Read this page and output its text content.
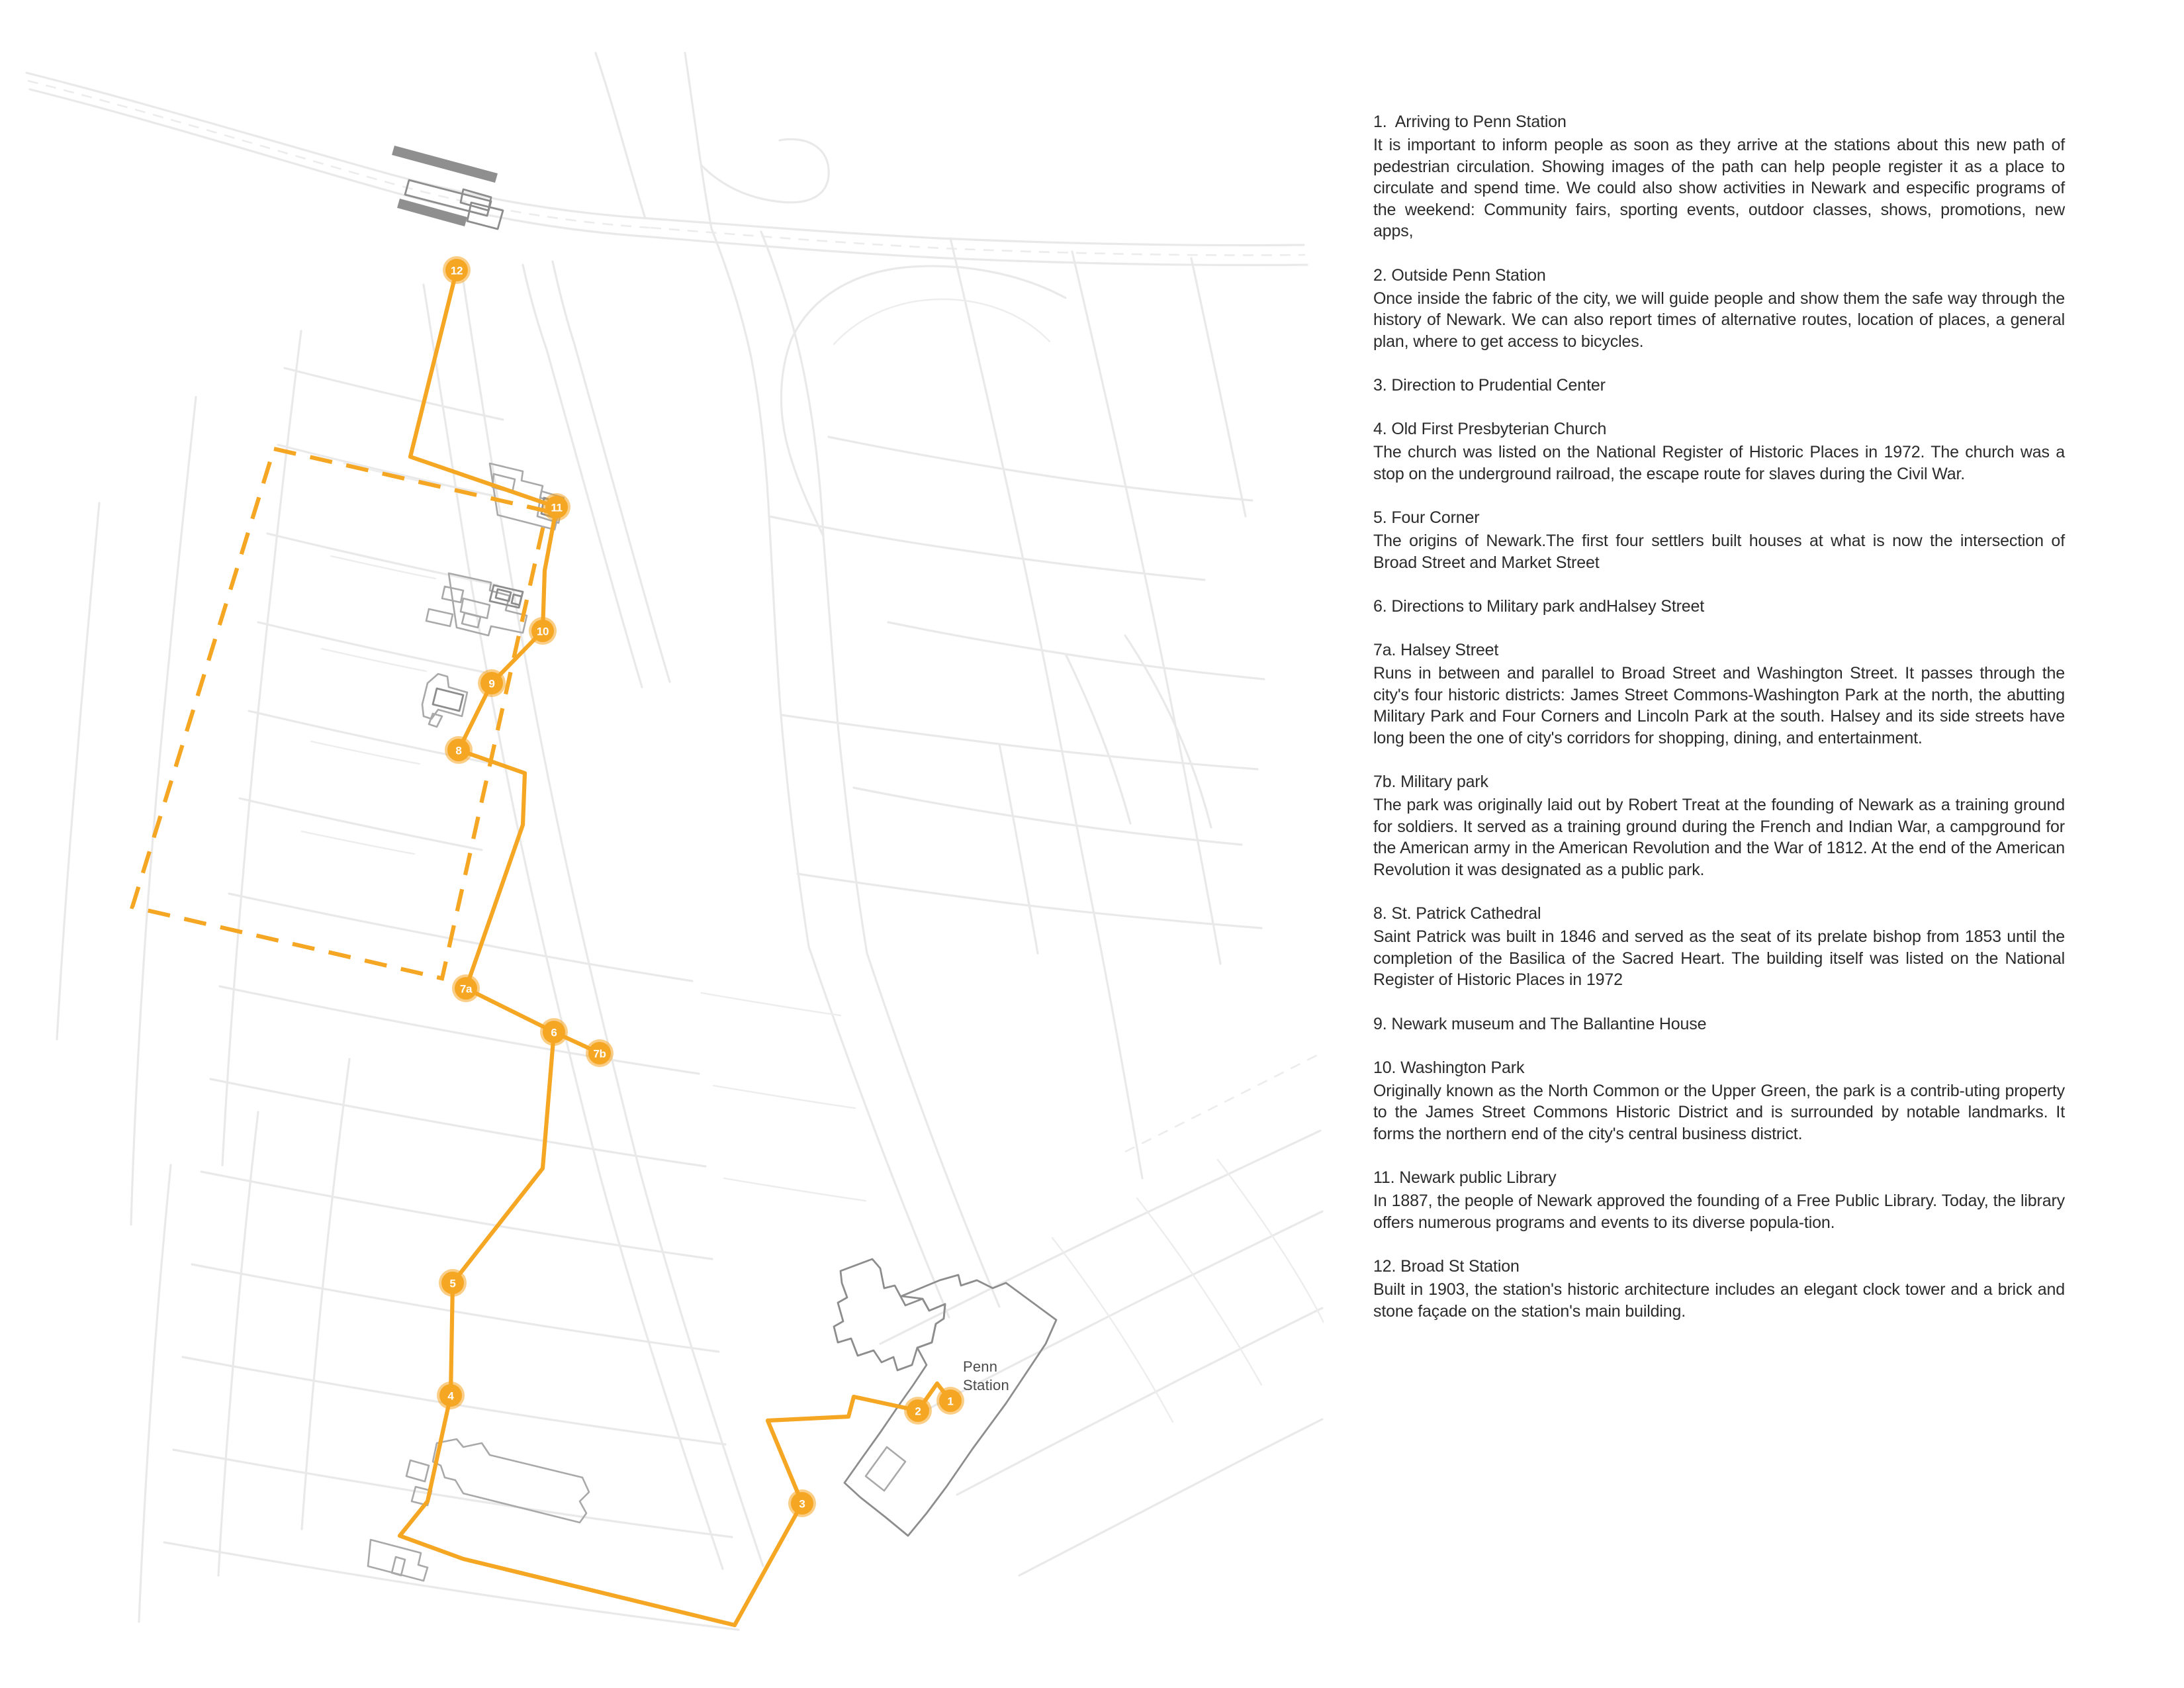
1
2
3
4
5
6
7a
7b
8
9
10
11
12
Penn Station
1.  Arriving to Penn Station
It is important to inform people as soon as they arrive at the stations about this new path of pedestrian circulation. Showing images of the path can help people register it as a place to circulate and spend time. We could also show activities in Newark and especific programs of the weekend: Community fairs, sporting events, outdoor classes, shows, promotions, new apps,
2. Outside Penn Station
Once inside the fabric of the city, we will guide people and show them the safe way through the history of Newark. We can also report times of alternative routes, location of places, a general plan, where to get access to bicycles.
3. Direction to Prudential Center
4. Old First Presbyterian Church
The church was listed on the National Register of Historic Places in 1972. The church was a stop on the underground railroad, the escape route for slaves during the Civil War.
5. Four Corner
The origins of Newark.The first four settlers built houses at what is now the intersection of Broad Street and Market Street
6. Directions to Military park andHalsey Street
7a. Halsey Street
Runs in between and parallel to Broad Street and Washington Street. It passes through the city's four historic districts: James Street Commons-Washington Park at the north, the abutting Military Park and Four Corners and Lincoln Park at the south. Halsey and its side streets have long been the one of city's corridors for shopping, dining, and entertainment.
7b. Military park
The park was originally laid out by Robert Treat at the founding of Newark as a training ground for soldiers. It served as a training ground during the French and Indian War, a campground for the American army in the American Revolution and the War of 1812. At the end of the American Revolution it was designated as a public park.
8. St. Patrick Cathedral
Saint Patrick was built in 1846 and served as the seat of its prelate bishop from 1853 until the completion of the Basilica of the Sacred Heart. The building itself was listed on the National Register of Historic Places in 1972
9. Newark museum and The Ballantine House
10. Washington Park
Originally known as the North Common or the Upper Green, the park is a contrib-uting property to the James Street Commons Historic District and is surrounded by notable landmarks. It forms the northern end of the city's central business district.
11. Newark public Library
In 1887, the people of Newark approved the founding of a Free Public Library. Today, the library offers numerous programs and events to its diverse popula-tion.
12. Broad St Station
Built in 1903, the station's historic architecture includes an elegant clock tower and a brick and stone façade on the station's main building.
